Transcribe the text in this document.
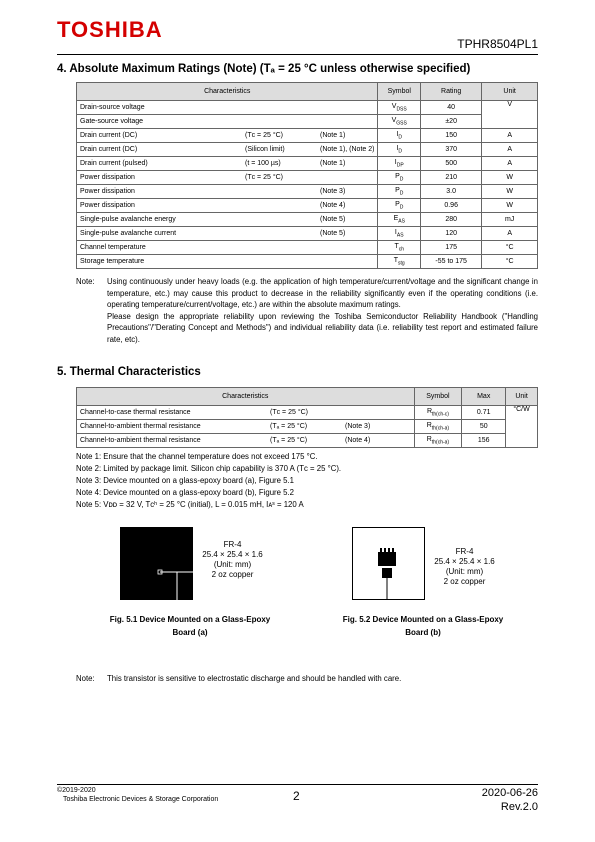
TOSHIBA
TPHR8504PL1
4. Absolute Maximum Ratings (Note) (Tₐ = 25 °C unless otherwise specified)
Characteristics	Symbol	Rating	Unit
Drain-source voltage	$V_{DSS}$	40	V
Gate-source voltage	$V_{GSS}$	±20	
Drain current (DC) (Tᴄ = 25 °C) (Note 1)	$I_D$	150	A
Drain current (DC) (Silicon limit) (Note 1), (Note 2)	$I_D$	370	A
Drain current (pulsed) (t = 100 µs) (Note 1)	$I_{DP}$	500	A
Power dissipation (Tᴄ = 25 °C)	$P_D$	210	W
Power dissipation (Note 3)	$P_D$	3.0	W
Power dissipation (Note 4)	$P_D$	0.96	W
Single-pulse avalanche energy (Note 5)	$E_{AS}$	280	mJ
Single-pulse avalanche current (Note 5)	$I_{AS}$	120	A
Channel temperature	$T_{ch}$	175	°C
Storage temperature	$T_{stg}$	-55 to 175	°C
Note:	Using continuously under heavy loads (e.g. the application of high temperature/current/voltage and the significant change in temperature, etc.) may cause this product to decrease in the reliability significantly even if the operating conditions (i.e. operating temperature/current/voltage, etc.) are within the absolute maximum ratings.
Please design the appropriate reliability upon reviewing the Toshiba Semiconductor Reliability Handbook ("Handling Precautions"/"Derating Concept and Methods") and individual reliability data (i.e. reliability test report and estimated failure rate, etc).
5. Thermal Characteristics
Characteristics	Symbol	Max	Unit
Channel-to-case thermal resistance (Tᴄ = 25 °C)	$R_{th(ch-c)}$	0.71	°C/W
Channel-to-ambient thermal resistance (Tₐ = 25 °C) (Note 3)	$R_{th(ch-a)}$	50	
Channel-to-ambient thermal resistance (Tₐ = 25 °C) (Note 4)	$R_{th(ch-a)}$	156	
Note 1: Ensure that the channel temperature does not exceed 175 °C.
Note 2: Limited by package limit. Silicon chip capability is 370 A (Tᴄ = 25 °C).
Note 3: Device mounted on a glass-epoxy board (a), Figure 5.1
Note 4: Device mounted on a glass-epoxy board (b), Figure 5.2
Note 5: Vᴅᴅ = 32 V, Tᴄʰ = 25 °C (initial), L = 0.015 mH, Iᴀˢ = 120 A
FR-4
25.4 × 25.4 × 1.6
(Unit: mm)
2 oz copper
Fig. 5.1 Device Mounted on a Glass-Epoxy
Board (a)
FR-4
25.4 × 25.4 × 1.6
(Unit: mm)
2 oz copper
Fig. 5.2 Device Mounted on a Glass-Epoxy
Board (b)
Note: This transistor is sensitive to electrostatic discharge and should be handled with care.
©2019-2020
Toshiba Electronic Devices & Storage Corporation	2	2020-06-26
Rev.2.0
